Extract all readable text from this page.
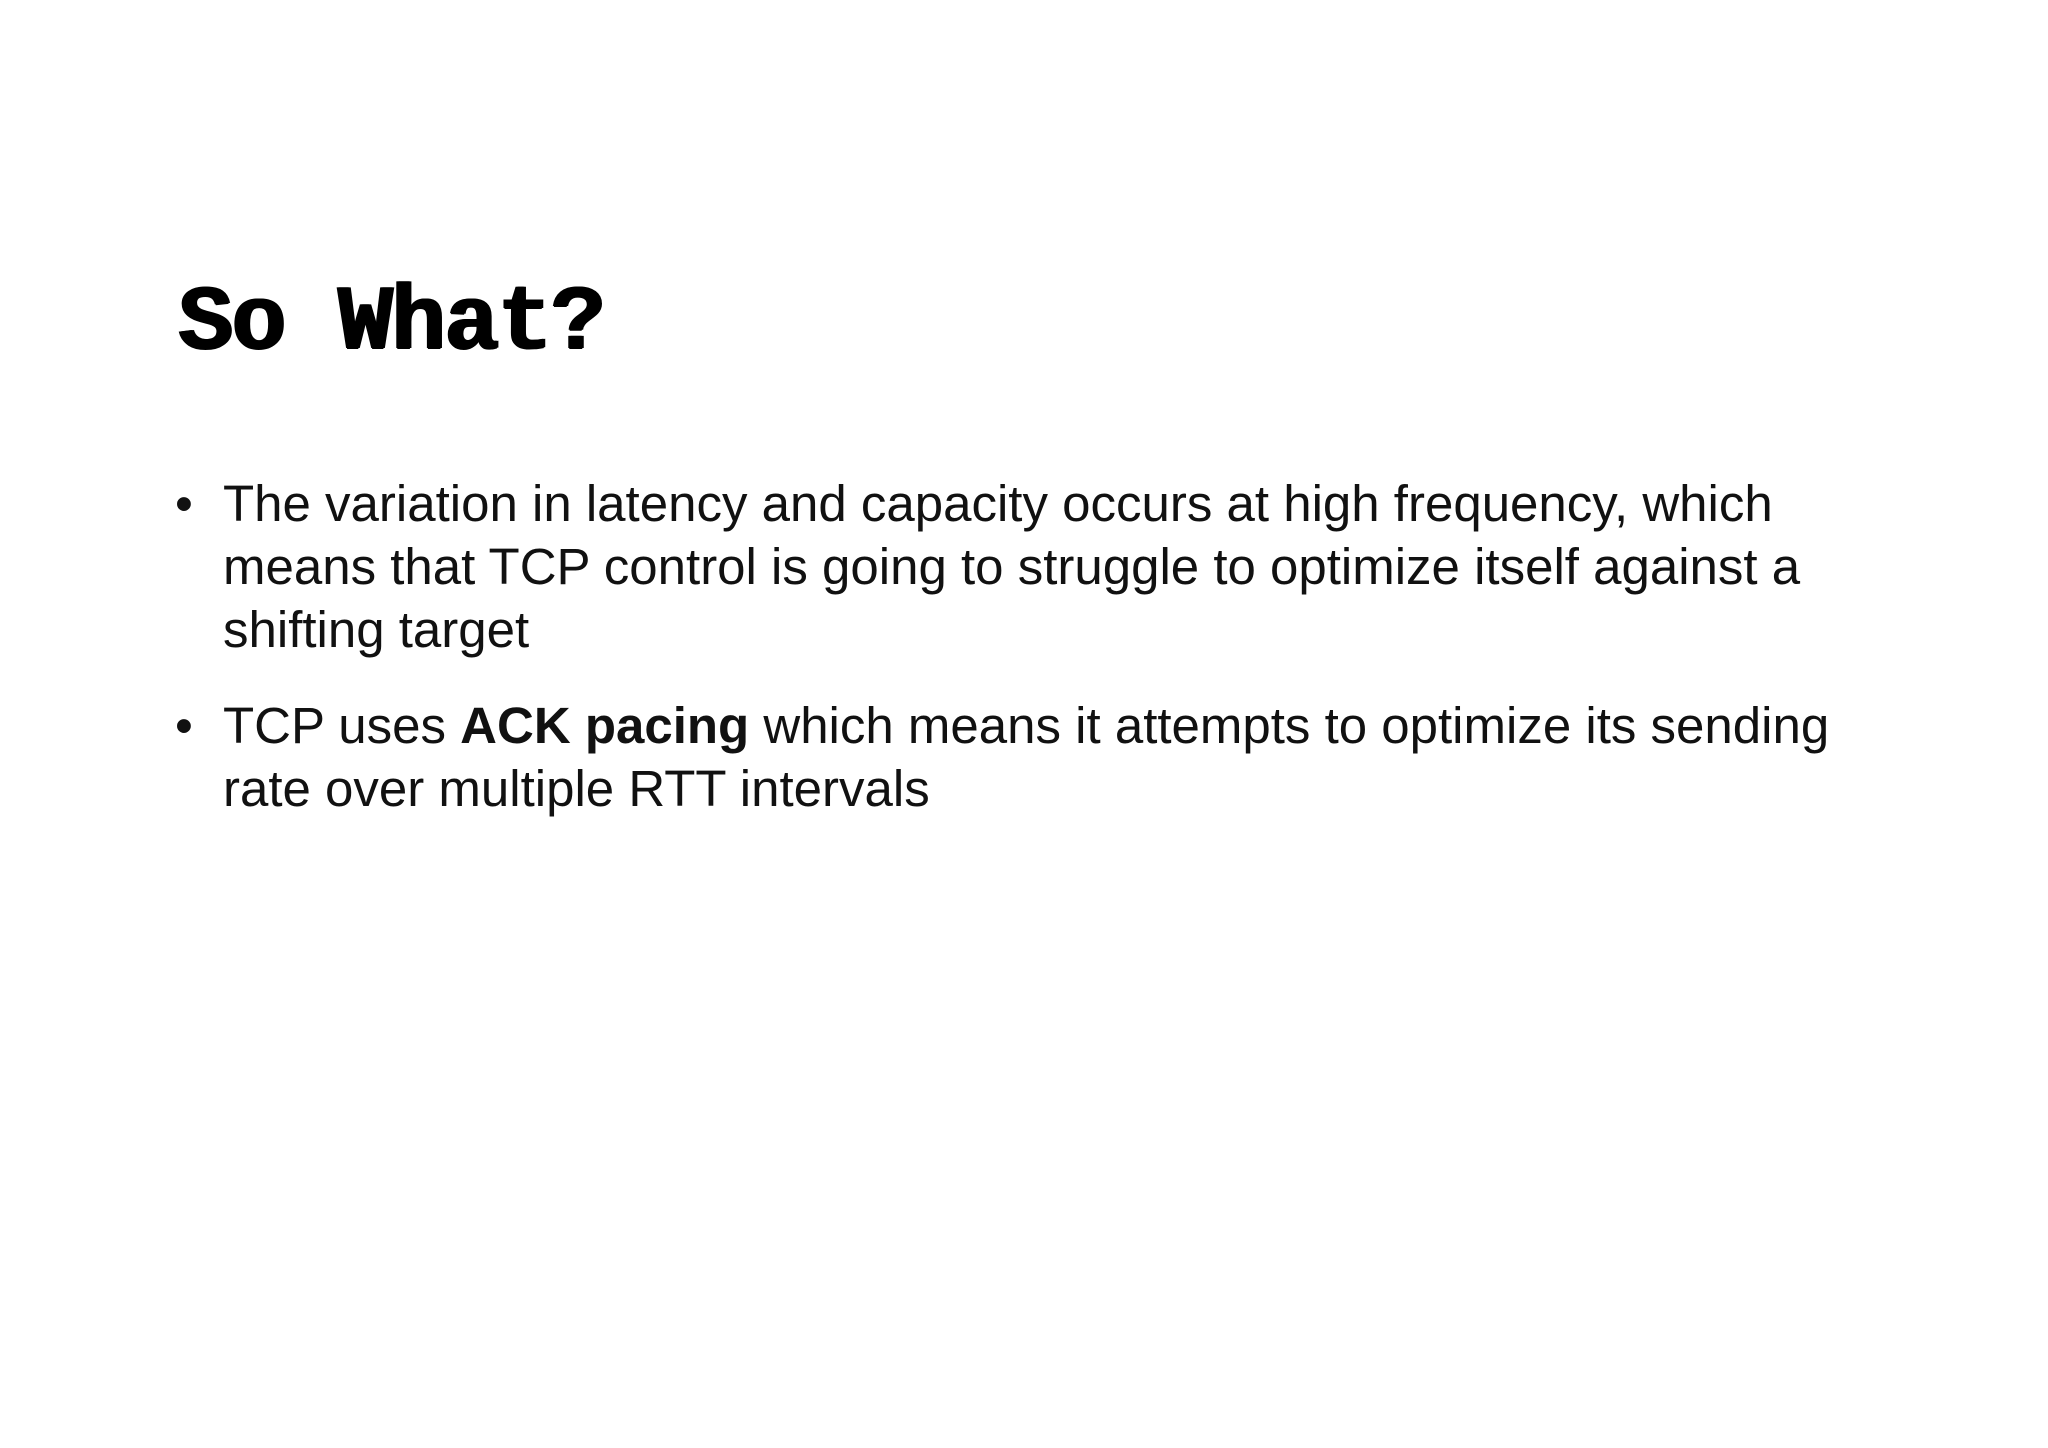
So What?
• The variation in latency and capacity occurs at high frequency, which means that TCP control is going to struggle to optimize itself against a shifting target
• TCP uses ACK pacing which means it attempts to optimize its sending rate over multiple RTT intervals
